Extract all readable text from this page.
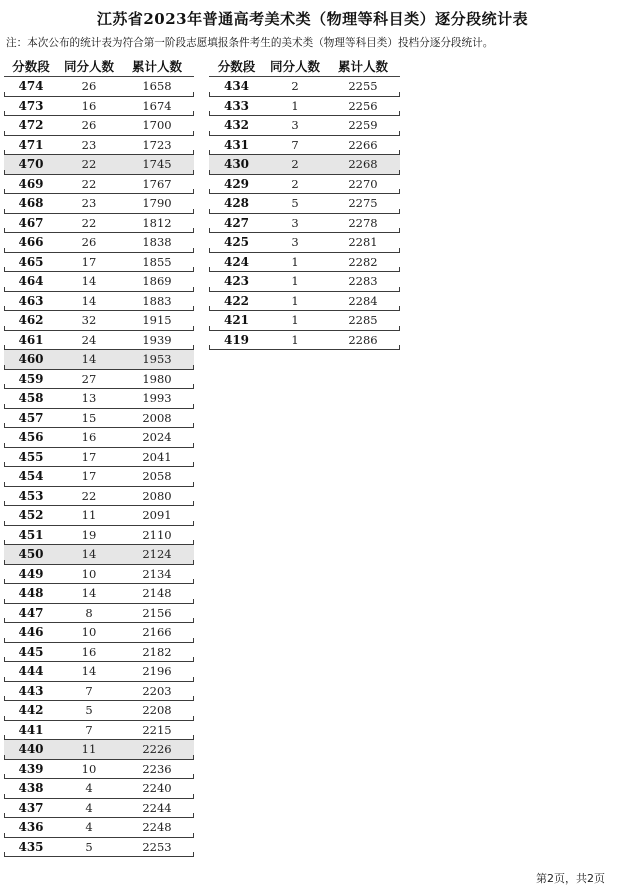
江苏省2023年普通高考美术类（物理等科目类）逐分段统计表
注：本次公布的统计表为符合第一阶段志愿填报条件考生的美术类（物理等科目类）投档分逐分段统计。
分数段	同分人数	累计人数
474	26	1658
473	16	1674
472	26	1700
471	23	1723
470	22	1745
469	22	1767
468	23	1790
467	22	1812
466	26	1838
465	17	1855
464	14	1869
463	14	1883
462	32	1915
461	24	1939
460	14	1953
459	27	1980
458	13	1993
457	15	2008
456	16	2024
455	17	2041
454	17	2058
453	22	2080
452	11	2091
451	19	2110
450	14	2124
449	10	2134
448	14	2148
447	8	2156
446	10	2166
445	16	2182
444	14	2196
443	7	2203
442	5	2208
441	7	2215
440	11	2226
439	10	2236
438	4	2240
437	4	2244
436	4	2248
435	5	2253
分数段	同分人数	累计人数
434	2	2255
433	1	2256
432	3	2259
431	7	2266
430	2	2268
429	2	2270
428	5	2275
427	3	2278
425	3	2281
424	1	2282
423	1	2283
422	1	2284
421	1	2285
419	1	2286
第2页，共2页
